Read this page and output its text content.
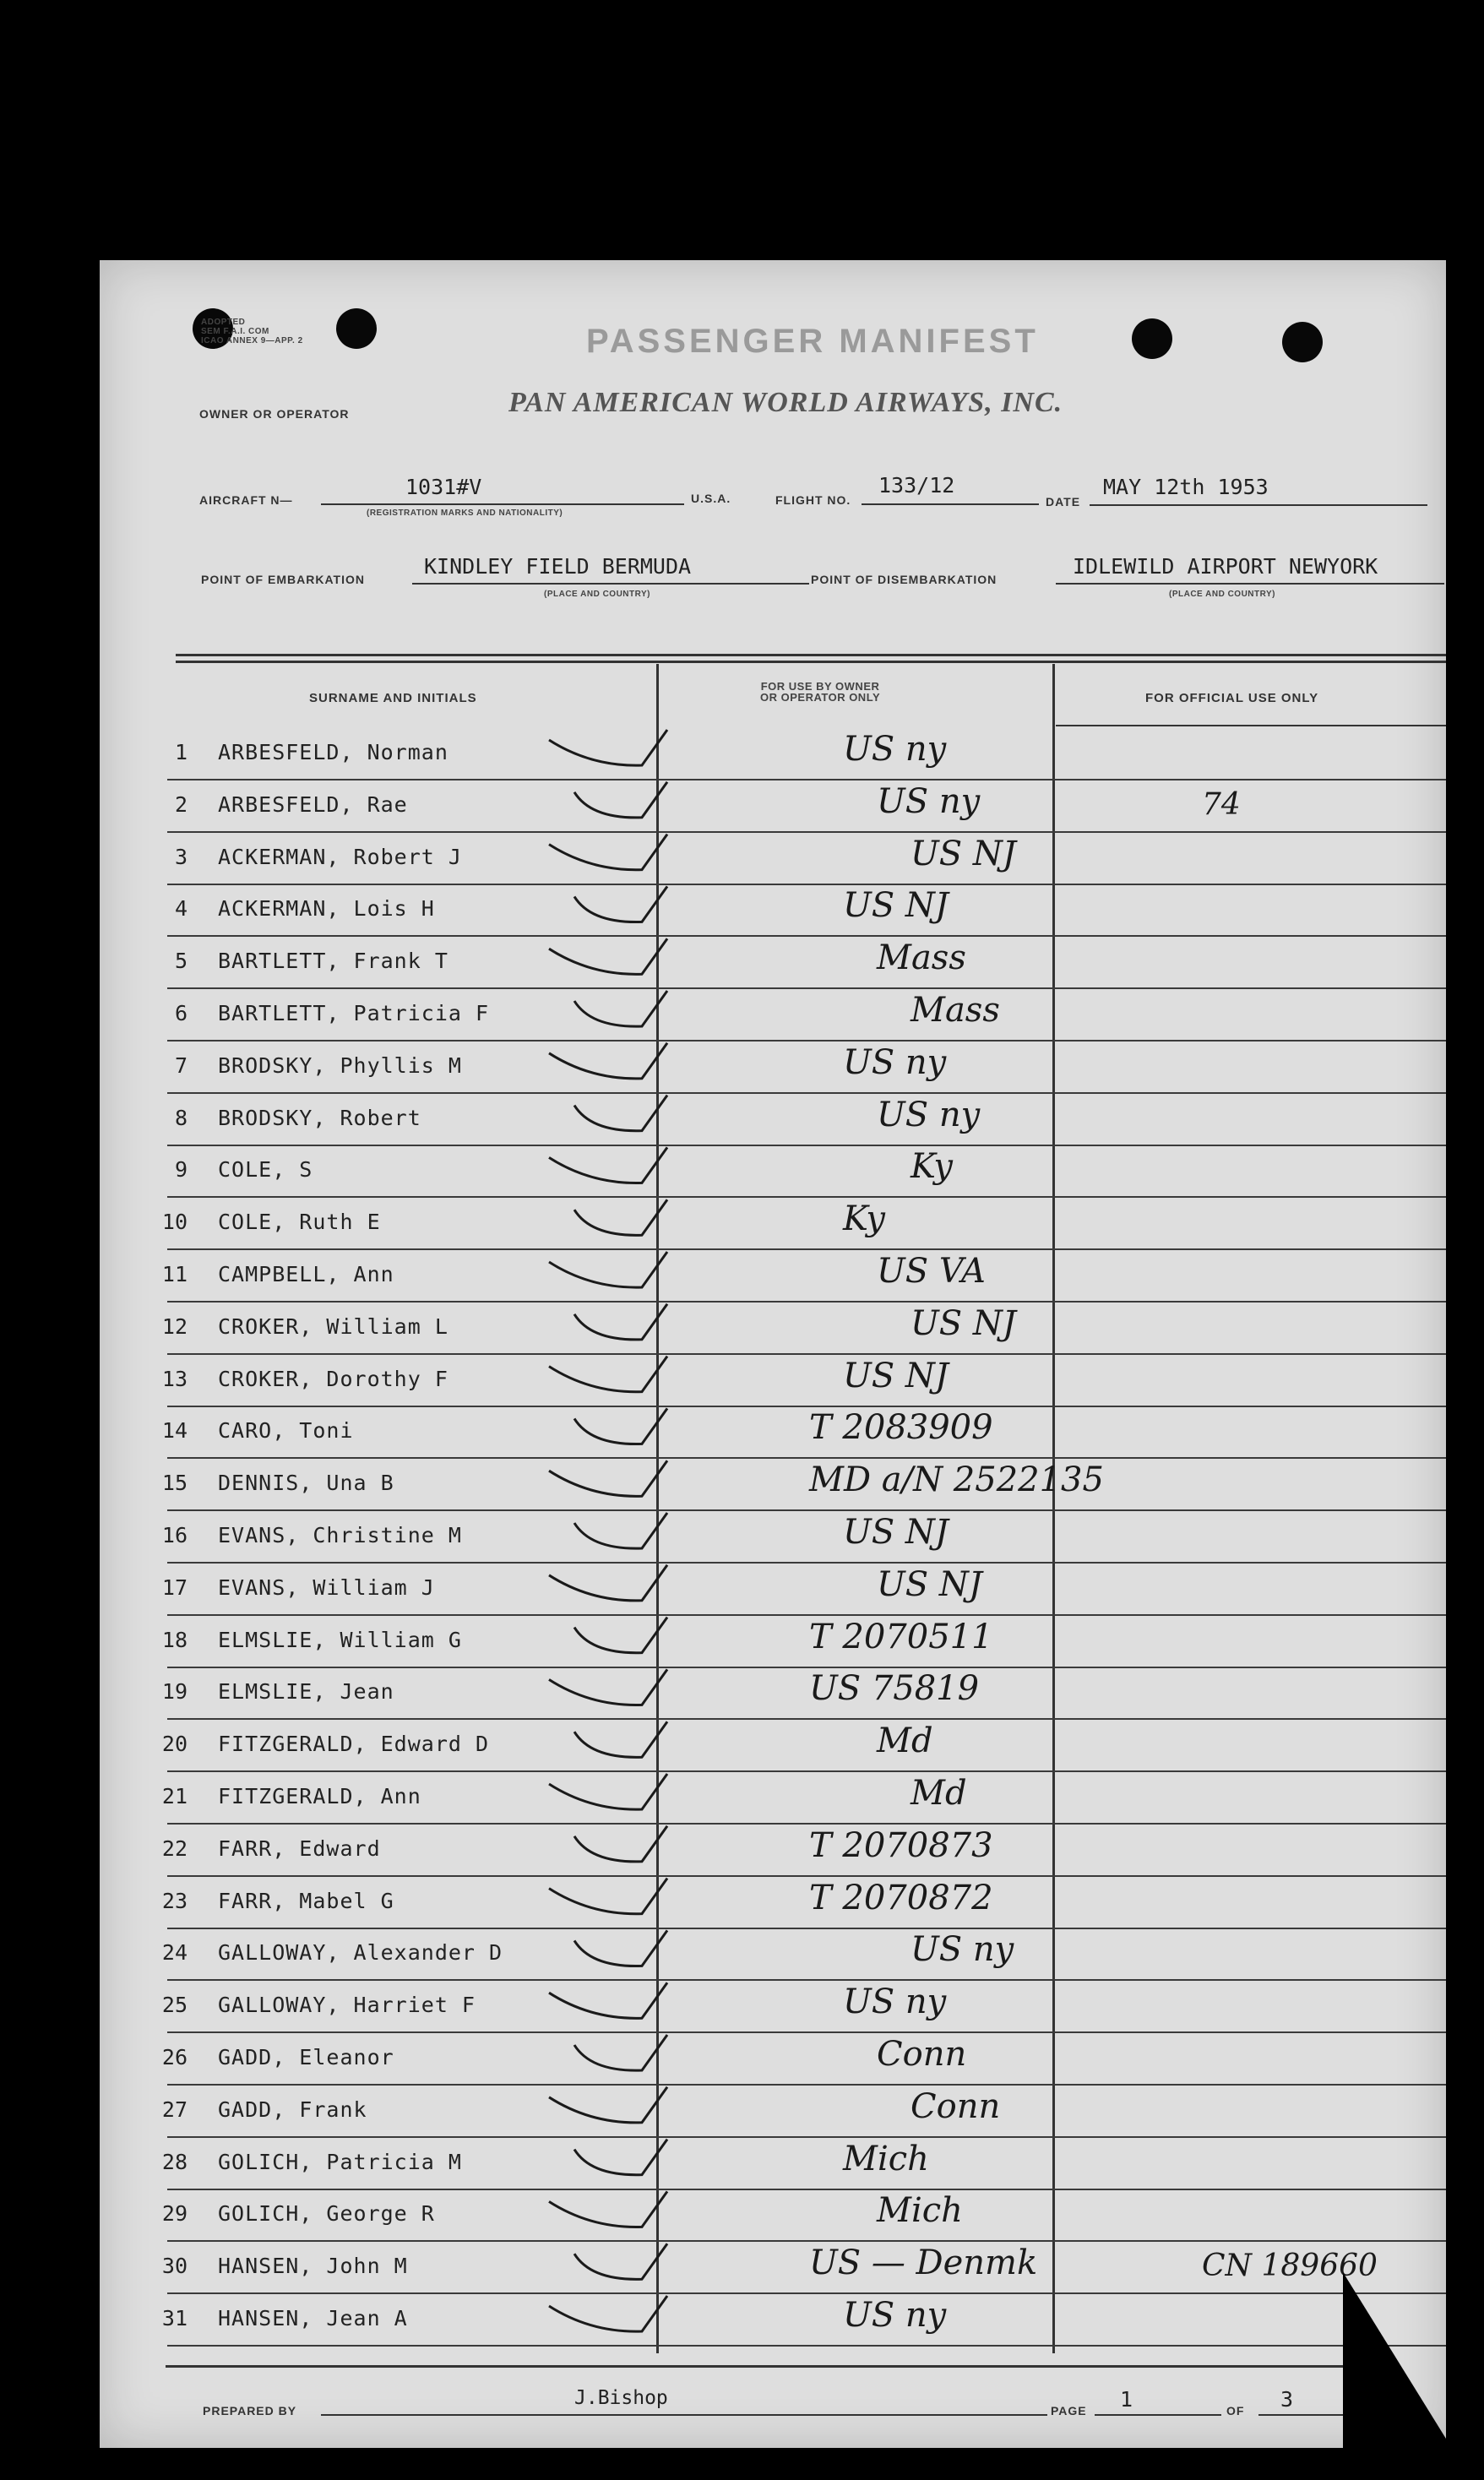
ADOPTED
SEM F.A.I. COM
ICAO ANNEX 9—APP. 2	PASSENGER MANIFEST
OWNER OR OPERATOR	PAN AMERICAN WORLD AIRWAYS, INC.
AIRCRAFT N—
1031#V
(REGISTRATION MARKS AND NATIONALITY)
U.S.A.	FLIGHT NO.
133/12
DATE
MAY 12th 1953
POINT OF EMBARKATION
KINDLEY FIELD BERMUDA
(PLACE AND COUNTRY)
POINT OF DISEMBARKATION
IDLEWILD AIRPORT NEWYORK
(PLACE AND COUNTRY)
SURNAME AND INITIALS
FOR USE BY OWNER
OR OPERATOR ONLY	FOR OFFICIAL USE ONLY
1 ARBESFELD, Norman	US ny
2 ARBESFELD, Rae	US ny	74
3 ACKERMAN, Robert J	US NJ
4 ACKERMAN, Lois H	US NJ
5 BARTLETT, Frank T	Mass
6 BARTLETT, Patricia F	Mass
7 BRODSKY, Phyllis M	US ny
8 BRODSKY, Robert	US ny
9 COLE, S	Ky
10 COLE, Ruth E	Ky
11 CAMPBELL, Ann	US VA
12 CROKER, William L	US NJ
13 CROKER, Dorothy F	US NJ
14 CARO, Toni	T 2083909
15 DENNIS, Una B	MD a/N 2522135
16 EVANS, Christine M	US NJ
17 EVANS, William J	US NJ
18 ELMSLIE, William G	T 2070511
19 ELMSLIE, Jean	US 75819
20 FITZGERALD, Edward D	Md
21 FITZGERALD, Ann	Md
22 FARR, Edward	T 2070873
23 FARR, Mabel G	T 2070872
24 GALLOWAY, Alexander D	US ny
25 GALLOWAY, Harriet F	US ny
26 GADD, Eleanor	Conn
27 GADD, Frank	Conn
28 GOLICH, Patricia M	Mich
29 GOLICH, George R	Mich
30 HANSEN, John M	US — Denmk	CN 189660
31 HANSEN, Jean A	US ny
PREPARED BY
J.Bishop
PAGE 1	OF 3
